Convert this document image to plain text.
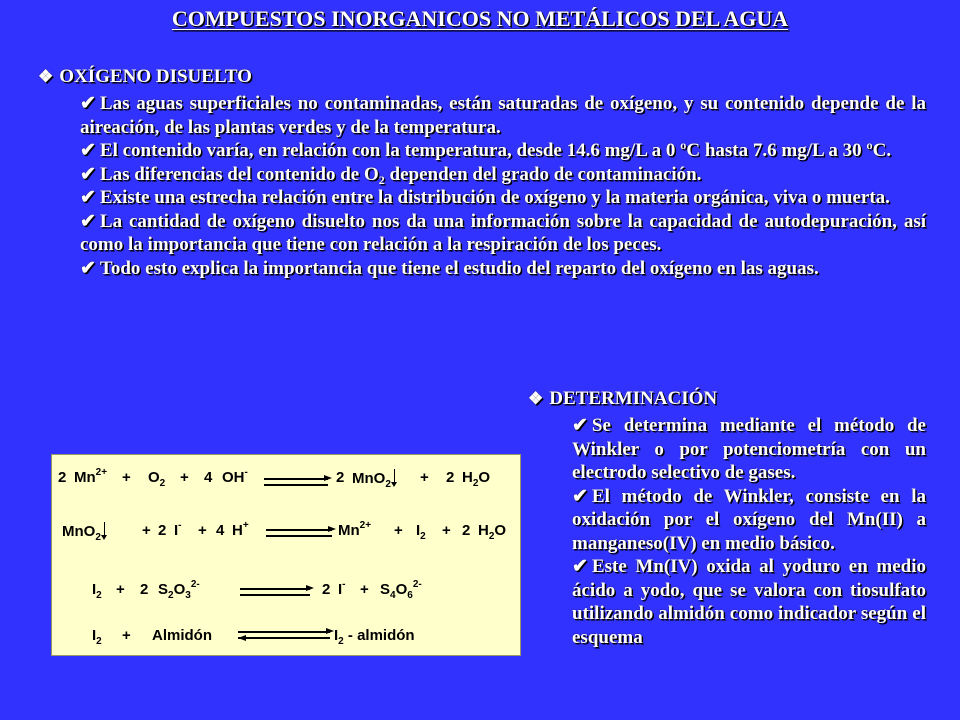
COMPUESTOS INORGANICOS NO METÁLICOS DEL AGUA
❖ OXÍGENO DISUELTO
✔ Las aguas superficiales no contaminadas, están saturadas de oxígeno, y su contenido depende de la aireación, de las plantas verdes y de la temperatura.
✔ El contenido varía, en relación con la temperatura, desde 14.6 mg/L a 0 ºC hasta 7.6 mg/L a 30 ºC.
✔ Las diferencias del contenido de $O_2$ dependen del grado de contaminación.
✔ Existe una estrecha relación entre la distribución de oxígeno y la materia orgánica, viva o muerta.
✔ La cantidad de oxígeno disuelto nos da una información sobre la capacidad de autodepuración, así como la importancia que tiene con relación a la respiración de los peces.
✔ Todo esto explica la importancia que tiene el estudio del reparto del oxígeno en las aguas.
❖ DETERMINACIÓN
✔ Se determina mediante el método de Winkler o por potenciometría con un electrodo selectivo de gases.
✔ El método de Winkler, consiste en la oxidación por el oxígeno del Mn(II) a manganeso(IV) en medio básico.
✔ Este Mn(IV) oxida al yoduro en medio ácido a yodo, que se valora con tiosulfato utilizando almidón como indicador según el esquema
2 $Mn^{2+} + O_2 + 4$ OH-	2 MnO$_2$	+ 2 $H_2O$
MnO$_2$	+ 2 I- + 4 H+	$Mn^{2+} + I_2 + 2$ $H_2O$
$I_2 + 2$ $S_2O_3^{2-}$	2 $I^- + S_4O_6^{2-}$
$I_2$ + Almidón	$I_2$ - almidón
